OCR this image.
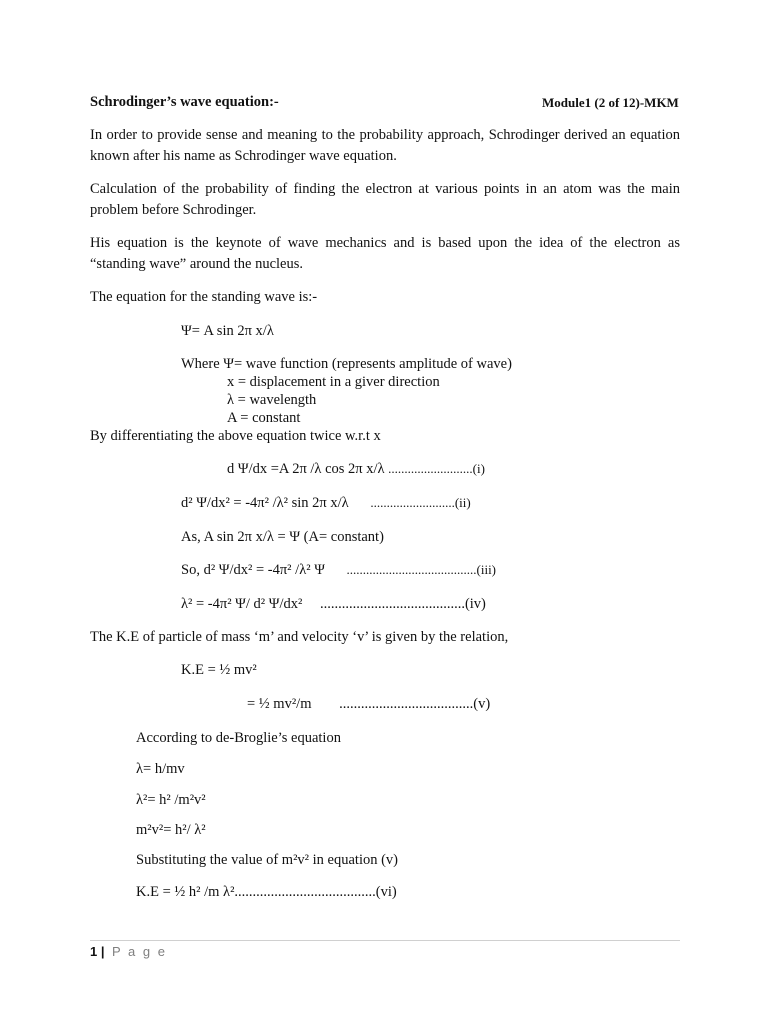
Schrodinger’s wave equation:-	Module1 (2 of 12)-MKM
In order to provide sense and meaning to the probability approach, Schrodinger derived an equation known after his name as Schrodinger wave equation.
Calculation of the probability of finding the electron at various points in an atom was the main problem before Schrodinger.
His equation is the keynote of wave mechanics and is based upon the idea of the electron as “standing wave” around the nucleus.
The equation for the standing wave is:-
Ψ= A sin 2π x/λ
Where Ψ= wave function (represents amplitude of wave)
x = displacement in a giver direction
λ = wavelength
A = constant
By differentiating the above equation twice w.r.t x
d Ψ/dx =A 2π /λ cos 2π x/λ ..........................(i)
d² Ψ/dx² = -4π² /λ² sin 2π x/λ ..........................(ii)
As, A sin 2π x/λ = Ψ (A= constant)
So, d² Ψ/dx² = -4π² /λ² Ψ ........................................(iii)
λ² = -4π² Ψ/ d² Ψ/dx² ........................................(iv)
The K.E of particle of mass ‘m’ and velocity ‘v’ is given by the relation,
K.E = ½ mv²
= ½ mv²/m .....................................(v)
According to de-Broglie’s equation
λ= h/mv
λ²= h² /m²v²
m²v²= h²/ λ²
Substituting the value of m²v² in equation (v)
K.E = ½ h² /m λ².......................................(vi)
1 | P a g e
